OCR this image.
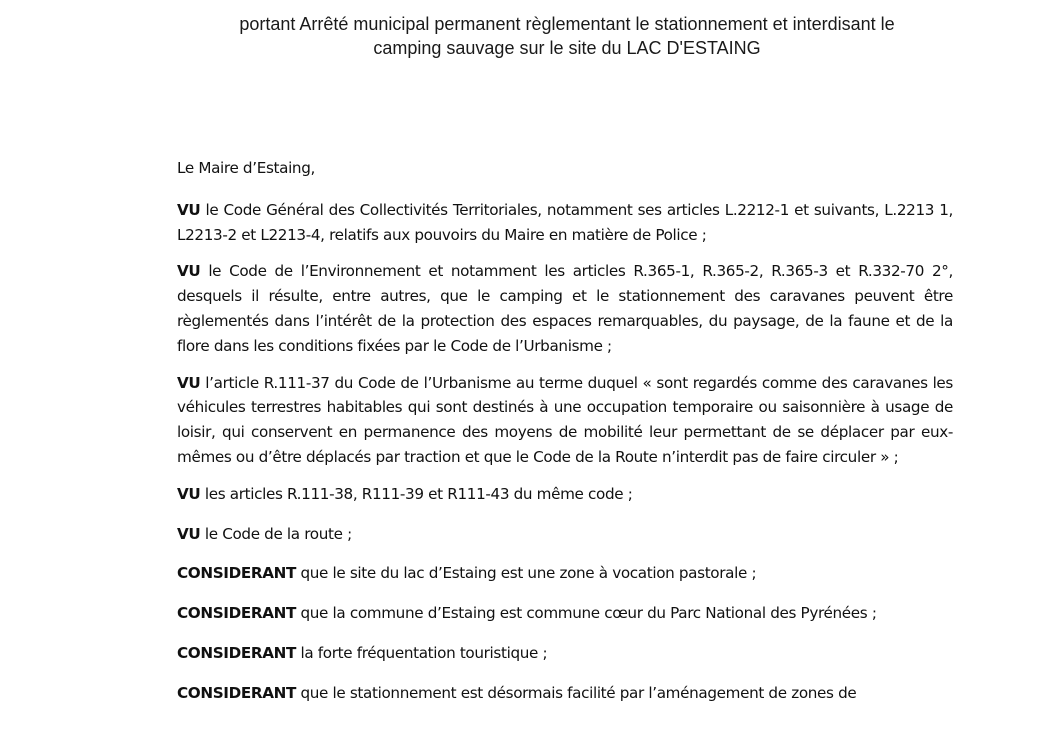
portant Arrêté municipal permanent règlementant le stationnement et interdisant le
camping sauvage sur le site du LAC D'ESTAING

Le Maire d’Estaing,

VU le Code Général des Collectivités Territoriales, notamment ses articles L.2212-1 et suivants, L.2213 1, L2213-2 et L2213-4, relatifs aux pouvoirs du Maire en matière de Police ;

VU le Code de l’Environnement et notamment les articles R.365-1, R.365-2, R.365-3 et R.332-70 2°, desquels il résulte, entre autres, que le camping et le stationnement des caravanes peuvent être règlementés dans l’intérêt de la protection des espaces remarquables, du paysage, de la faune et de la flore dans les conditions fixées par le Code de l’Urbanisme ;

VU l’article R.111-37 du Code de l’Urbanisme au terme duquel « sont regardés comme des caravanes les véhicules terrestres habitables qui sont destinés à une occupation temporaire ou saisonnière à usage de loisir, qui conservent en permanence des moyens de mobilité leur permettant de se déplacer par eux-mêmes ou d’être déplacés par traction et que le Code de la Route n’interdit pas de faire circuler » ;

VU les articles R.111-38, R111-39 et R111-43 du même code ;

VU le Code de la route ;

CONSIDERANT que le site du lac d’Estaing est une zone à vocation pastorale ;

CONSIDERANT que la commune d’Estaing est commune cœur du Parc National des Pyrénées ;

CONSIDERANT la forte fréquentation touristique ;

CONSIDERANT que le stationnement est désormais facilité par l’aménagement de zones de
